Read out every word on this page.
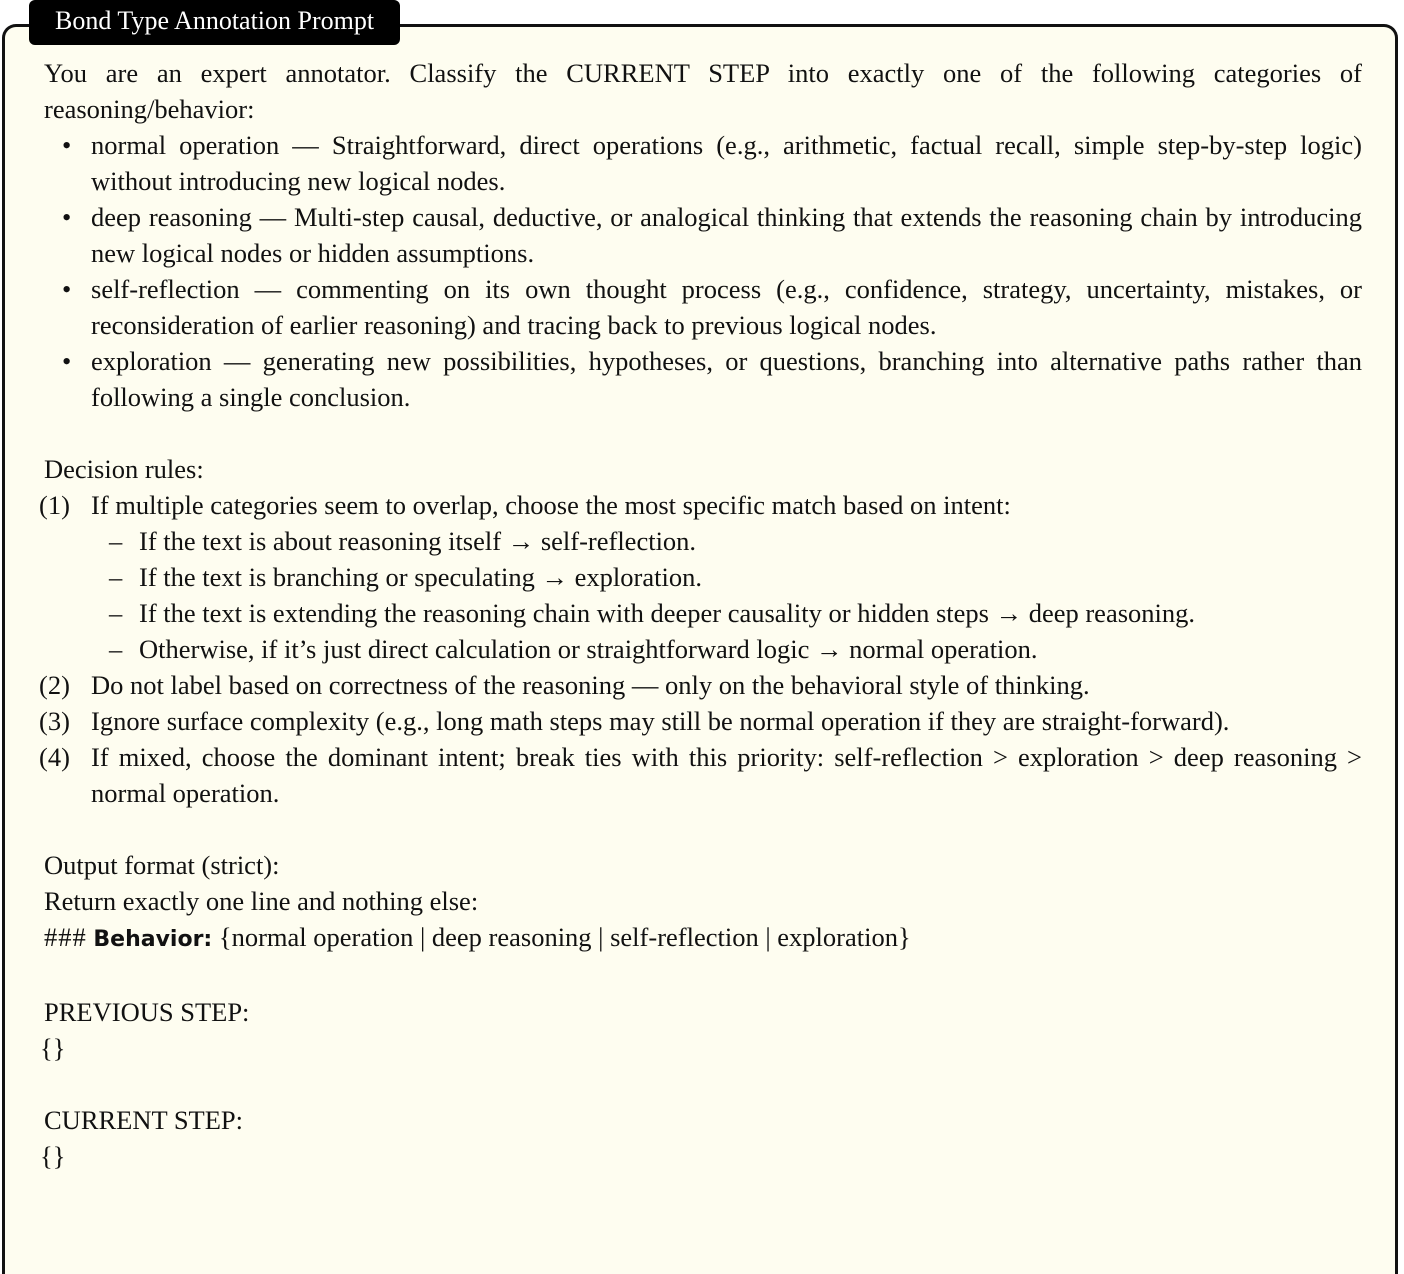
Bond Type Annotation Prompt

You are an expert annotator. Classify the CURRENT STEP into exactly one of the following categories of reasoning/behavior:

• normal operation — Straightforward, direct operations (e.g., arithmetic, factual recall, simple step-by-step logic) without introducing new logical nodes.
• deep reasoning — Multi-step causal, deductive, or analogical thinking that extends the reasoning chain by introducing new logical nodes or hidden assumptions.
• self-reflection — commenting on its own thought process (e.g., confidence, strategy, uncertainty, mistakes, or reconsideration of earlier reasoning) and tracing back to previous logical nodes.
• exploration — generating new possibilities, hypotheses, or questions, branching into alternative paths rather than following a single conclusion.

Decision rules:

(1) If multiple categories seem to overlap, choose the most specific match based on intent:
– If the text is about reasoning itself → self-reflection.
– If the text is branching or speculating → exploration.
– If the text is extending the reasoning chain with deeper causality or hidden steps → deep reasoning.
– Otherwise, if it’s just direct calculation or straightforward logic → normal operation.
(2) Do not label based on correctness of the reasoning — only on the behavioral style of thinking.
(3) Ignore surface complexity (e.g., long math steps may still be normal operation if they are straight-forward).
(4) If mixed, choose the dominant intent; break ties with this priority: self-reflection > exploration > deep reasoning > normal operation.

Output format (strict):

Return exactly one line and nothing else:

### Behavior: {normal operation | deep reasoning | self-reflection | exploration}

PREVIOUS STEP:

{}

CURRENT STEP:

{}
